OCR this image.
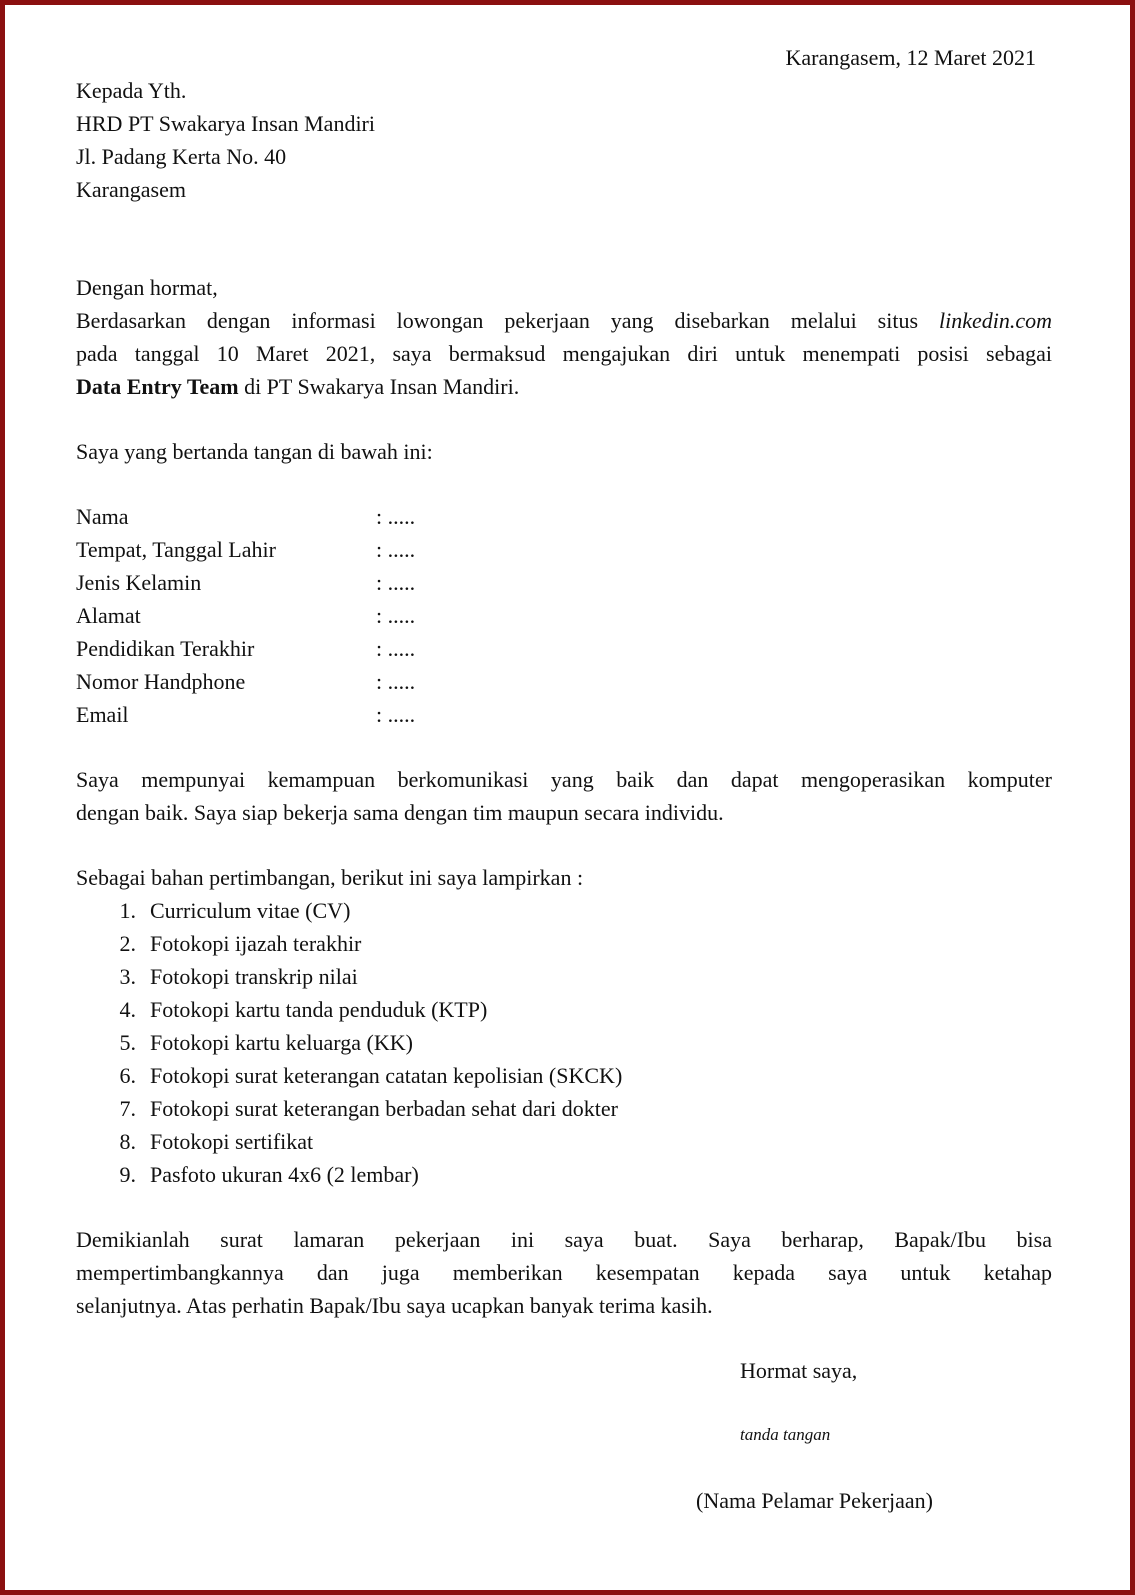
Karangasem, 12 Maret 2021
Kepada Yth.
HRD PT Swakarya Insan Mandiri
Jl. Padang Kerta No. 40
Karangasem
Dengan hormat,
Berdasarkan dengan informasi lowongan pekerjaan yang disebarkan melalui situs linkedin.com
pada tanggal 10 Maret 2021, saya bermaksud mengajukan diri untuk menempati posisi sebagai
Data Entry Team di PT Swakarya Insan Mandiri.
Saya yang bertanda tangan di bawah ini:
Nama	: .....
Tempat, Tanggal Lahir	: .....
Jenis Kelamin	: .....
Alamat	: .....
Pendidikan Terakhir	: .....
Nomor Handphone	: .....
Email	: .....
Saya mempunyai kemampuan berkomunikasi yang baik dan dapat mengoperasikan komputer
dengan baik. Saya siap bekerja sama dengan tim maupun secara individu.
Sebagai bahan pertimbangan, berikut ini saya lampirkan :
1. Curriculum vitae (CV)
2. Fotokopi ijazah terakhir
3. Fotokopi transkrip nilai
4. Fotokopi kartu tanda penduduk (KTP)
5. Fotokopi kartu keluarga (KK)
6. Fotokopi surat keterangan catatan kepolisian (SKCK)
7. Fotokopi surat keterangan berbadan sehat dari dokter
8. Fotokopi sertifikat
9. Pasfoto ukuran 4x6 (2 lembar)
Demikianlah surat lamaran pekerjaan ini saya buat. Saya berharap, Bapak/Ibu bisa
mempertimbangkannya dan juga memberikan kesempatan kepada saya untuk ketahap
selanjutnya. Atas perhatin Bapak/Ibu saya ucapkan banyak terima kasih.
Hormat saya,
tanda tangan
(Nama Pelamar Pekerjaan)
